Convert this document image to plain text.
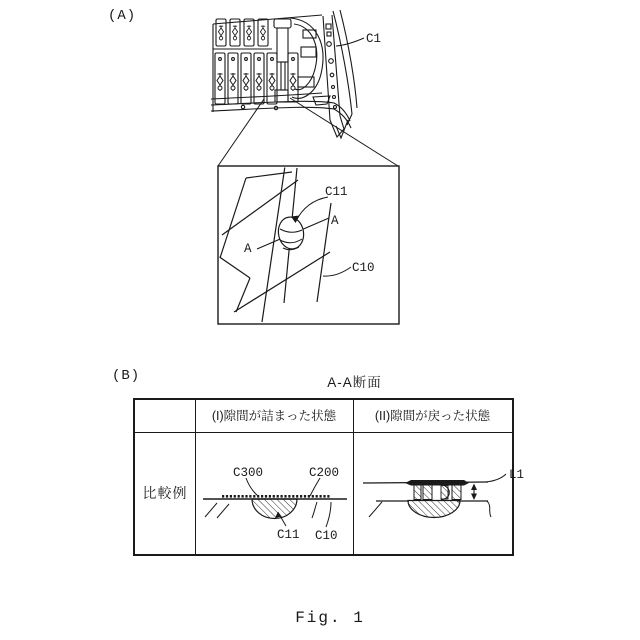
(A)
(B)	A-A断面
(I)隙間が詰まった状態	(II)隙間が戻った状態
比較例
Fig. 1
C1
C11
A
A
C10
C300	C200
C11 C10
L1
